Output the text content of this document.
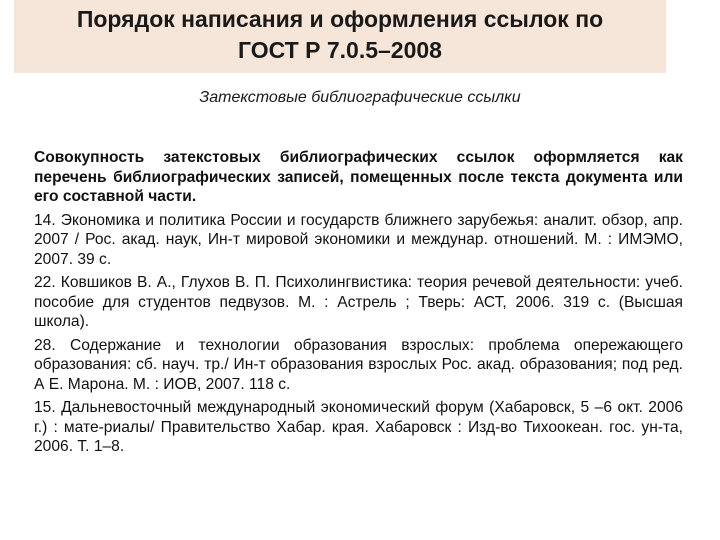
Порядок написания и оформления ссылок по
ГОСТ Р 7.0.5–2008
Затекстовые библиографические ссылки

Совокупность затекстовых библиографических ссылок оформляется как перечень библиографических записей, помещенных после текста документа или его составной части.

14. Экономика и политика России и государств ближнего зарубежья: аналит. обзор, апр. 2007 / Рос. акад. наук, Ин-т мировой экономики и междунар. отношений. М. : ИМЭМО, 2007. 39 с.

22. Ковшиков В. А., Глухов В. П. Психолингвистика: теория речевой деятельности: учеб. пособие для студентов педвузов. М. : Астрель ; Тверь: АСТ, 2006. 319 с. (Высшая школа).

28. Содержание и технологии образования взрослых: проблема опережающего образования: сб. науч. тр./ Ин-т образования взрослых Рос. акад. образования; под ред. А Е. Марона. М. : ИОВ, 2007. 118 с.

15. Дальневосточный международный экономический форум (Хабаровск, 5 –6 окт. 2006 г.) : мате-риалы/ Правительство Хабар. края. Хабаровск : Изд-во Тихоокеан. гос. ун-та, 2006. Т. 1–8.
